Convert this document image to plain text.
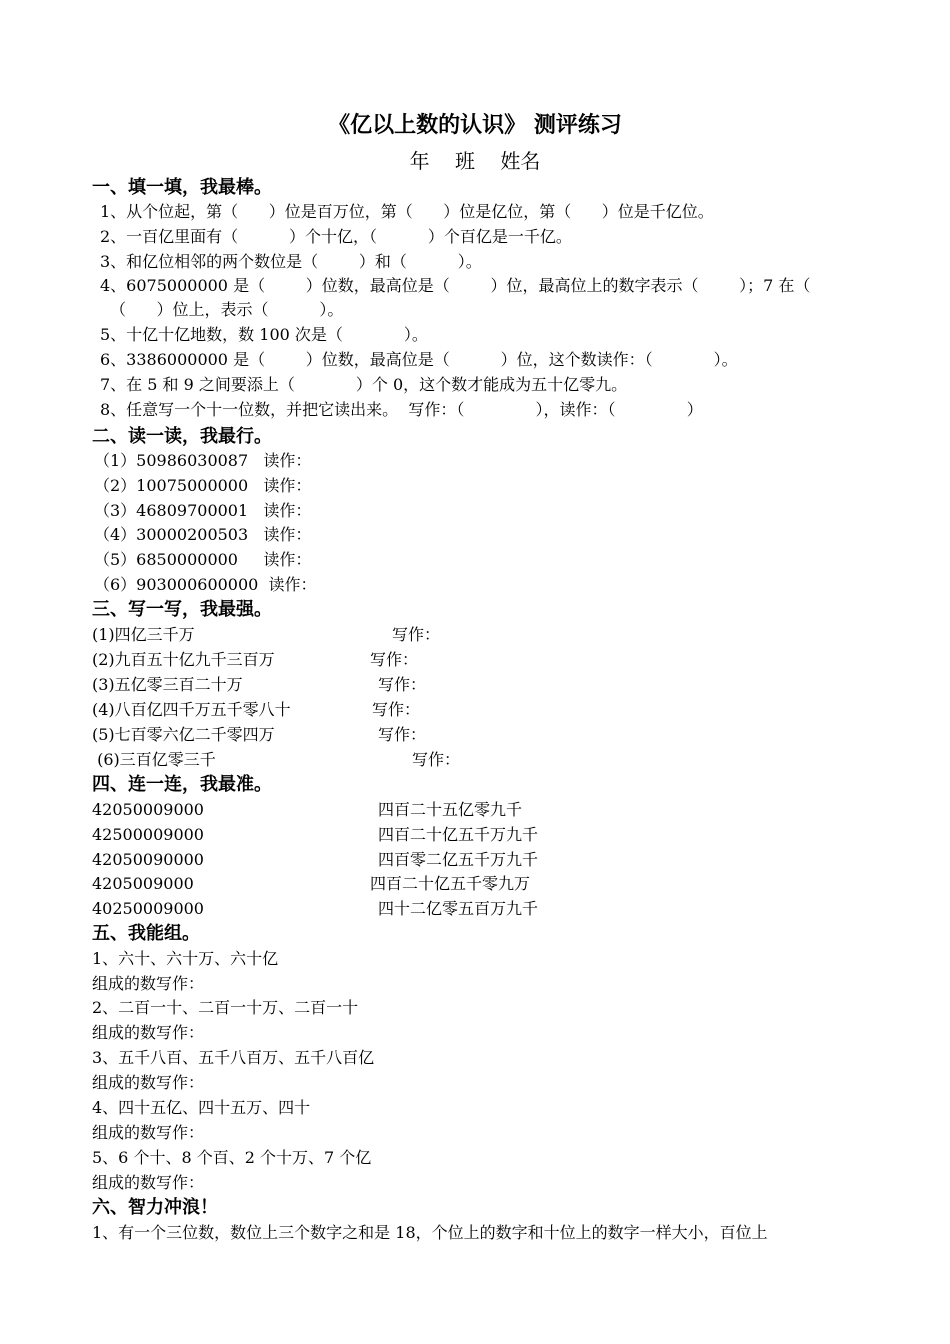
《亿以上数的认识》 测评练习
年    班    姓名
一、填一填，我最棒。
1、从个位起，第（      ）位是百万位，第（      ）位是亿位，第（      ）位是千亿位。
2、一百亿里面有（          ）个十亿，（          ）个百亿是一千亿。
3、和亿位相邻的两个数位是（        ）和（          ）。
4、6075000000 是（        ）位数，最高位是（        ）位，最高位上的数字表示（        ）；7 在（
（      ）位上，表示（          ）。
5、十亿十亿地数，数 100 次是（            ）。
6、3386000000 是（        ）位数，最高位是（          ）位，这个数读作：（            ）。
7、在 5 和 9 之间要添上（            ）个 0，这个数才能成为五十亿零九。
8、任意写一个十一位数，并把它读出来。  写作：（              ），读作：（              ）
二、读一读，我最行。
（1）50986030087   读作：
（2）10075000000   读作：
（3）46809700001   读作：
（4）30000200503   读作：
（5）6850000000     读作：
（6）903000600000  读作：
三、写一写，我最强。
(1)四亿三千万	写作：
(2)九百五十亿九千三百万	写作：
(3)五亿零三百二十万	写作：
(4)八百亿四千万五千零八十	写作：
(5)七百零六亿二千零四万	写作：
(6)三百亿零三千	写作：
四、连一连，我最准。
42050009000	四百二十五亿零九千
42500009000	四百二十亿五千万九千
42050090000	四百零二亿五千万九千
4205009000	四百二十亿五千零九万
40250009000	四十二亿零五百万九千
五、我能组。
1、六十、六十万、六十亿
组成的数写作：
2、二百一十、二百一十万、二百一十
组成的数写作：
3、五千八百、五千八百万、五千八百亿
组成的数写作：
4、四十五亿、四十五万、四十
组成的数写作：
5、6 个十、8 个百、2 个十万、7 个亿
组成的数写作：
六、智力冲浪！
1、有一个三位数，数位上三个数字之和是 18，个位上的数字和十位上的数字一样大小，百位上
